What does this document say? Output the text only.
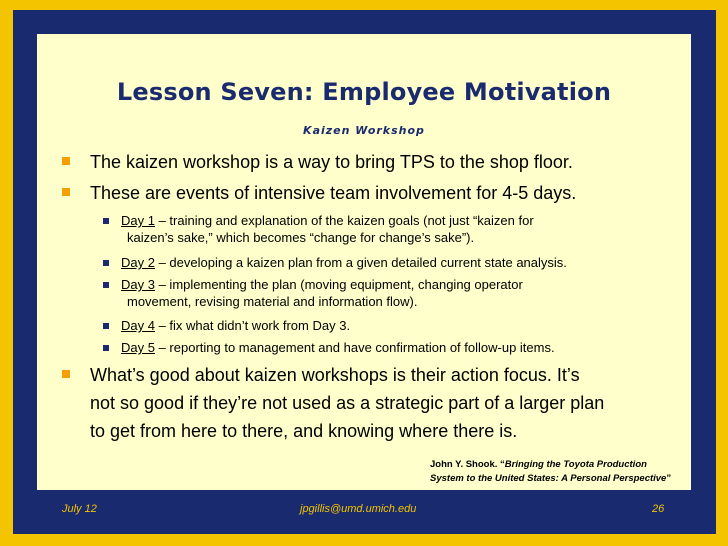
Lesson Seven: Employee Motivation
Kaizen Workshop
The kaizen workshop is a way to bring TPS to the shop floor.
These are events of intensive team involvement for 4-5 days.
Day 1 – training and explanation of the kaizen goals (not just “kaizen for
kaizen’s sake,” which becomes “change for change’s sake”).
Day 2 – developing a kaizen plan from a given detailed current state analysis.
Day 3 – implementing the plan (moving equipment, changing operator
movement, revising material and information flow).
Day 4 – fix what didn’t work from Day 3.
Day 5 – reporting to management and have confirmation of follow-up items.
What’s good about kaizen workshops is their action focus. It’s
not so good if they’re not used as a strategic part of a larger plan
to get from here to there, and knowing where there is.
John Y. Shook. “Bringing the Toyota Production
System to the United States: A Personal Perspective”
July 12	jpgillis@umd.umich.edu	26
